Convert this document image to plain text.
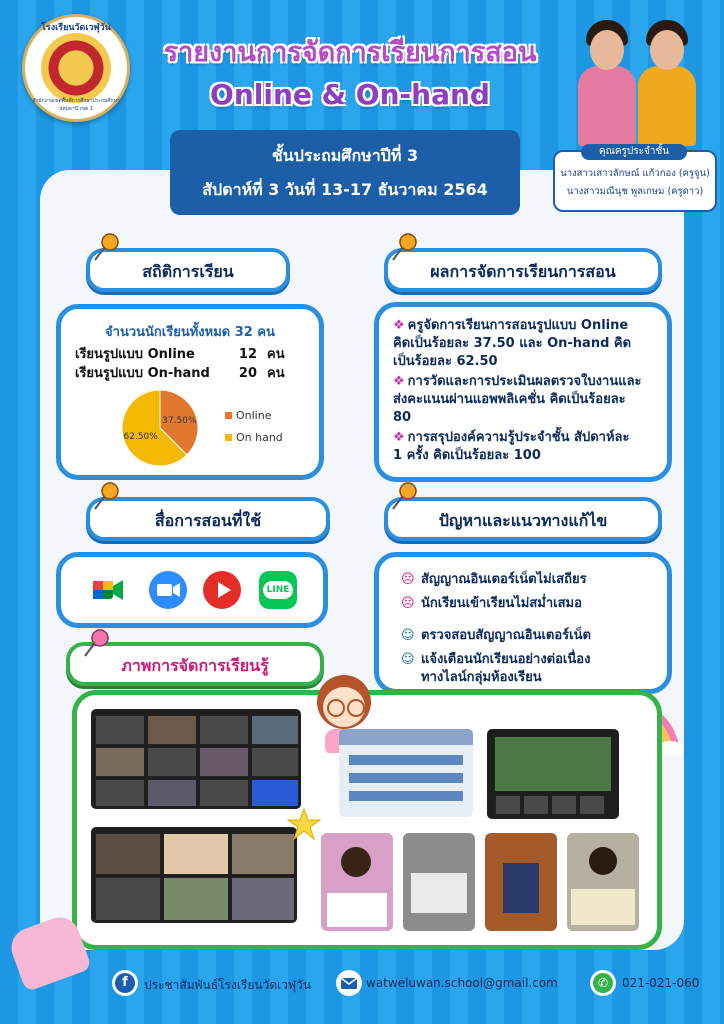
โรงเรียนวัดเวฬุวัน
สำนักงานเขตพื้นที่การศึกษาประถมศึกษาปทุมธานี เขต 1
รายงานการจัดการเรียนการสอน
Online & On-hand
ชั้นประถมศึกษาปีที่ 3
สัปดาห์ที่ 3 วันที่ 13-17 ธันวาคม 2564
คุณครูประจำชั้น
นางสาวเสาวลักษณ์ แก้วกอง (ครูจูน)
นางสาวมณีนุช พูลเกษม (ครูดาว)
สถิติการเรียน
จำนวนนักเรียนทั้งหมด 32 คน
เรียนรูปแบบ Online	12 คน
เรียนรูปแบบ On-hand 20 คน
37.50%
62.50%
Online
On hand
ผลการจัดการเรียนการสอน
❖ ครูจัดการเรียนการสอนรูปแบบ Online คิดเป็นร้อยละ 37.50 และ On-hand คิดเป็นร้อยละ 62.50
❖ การวัดและการประเมินผลตรวจใบงานและส่งคะแนนผ่านแอพพลิเคชั่น คิดเป็นร้อยละ 80
❖ การสรุปองค์ความรู้ประจำชั้น สัปดาห์ละ 1 ครั้ง คิดเป็นร้อยละ 100
สื่อการสอนที่ใช้
LINE
ปัญหาและแนวทางแก้ไข
☹ สัญญาณอินเตอร์เน็ตไม่เสถียร
☹ นักเรียนเข้าเรียนไม่สม่ำเสมอ
☺ ตรวจสอบสัญญาณอินเตอร์เน็ต
☺ แจ้งเตือนนักเรียนอย่างต่อเนื่อง
ทางไลน์กลุ่มห้องเรียน
ภาพการจัดการเรียนรู้
f	ประชาสัมพันธ์โรงเรียนวัดเวฬุวัน	watweluwan.school@gmail.com	✆	021-021-060
